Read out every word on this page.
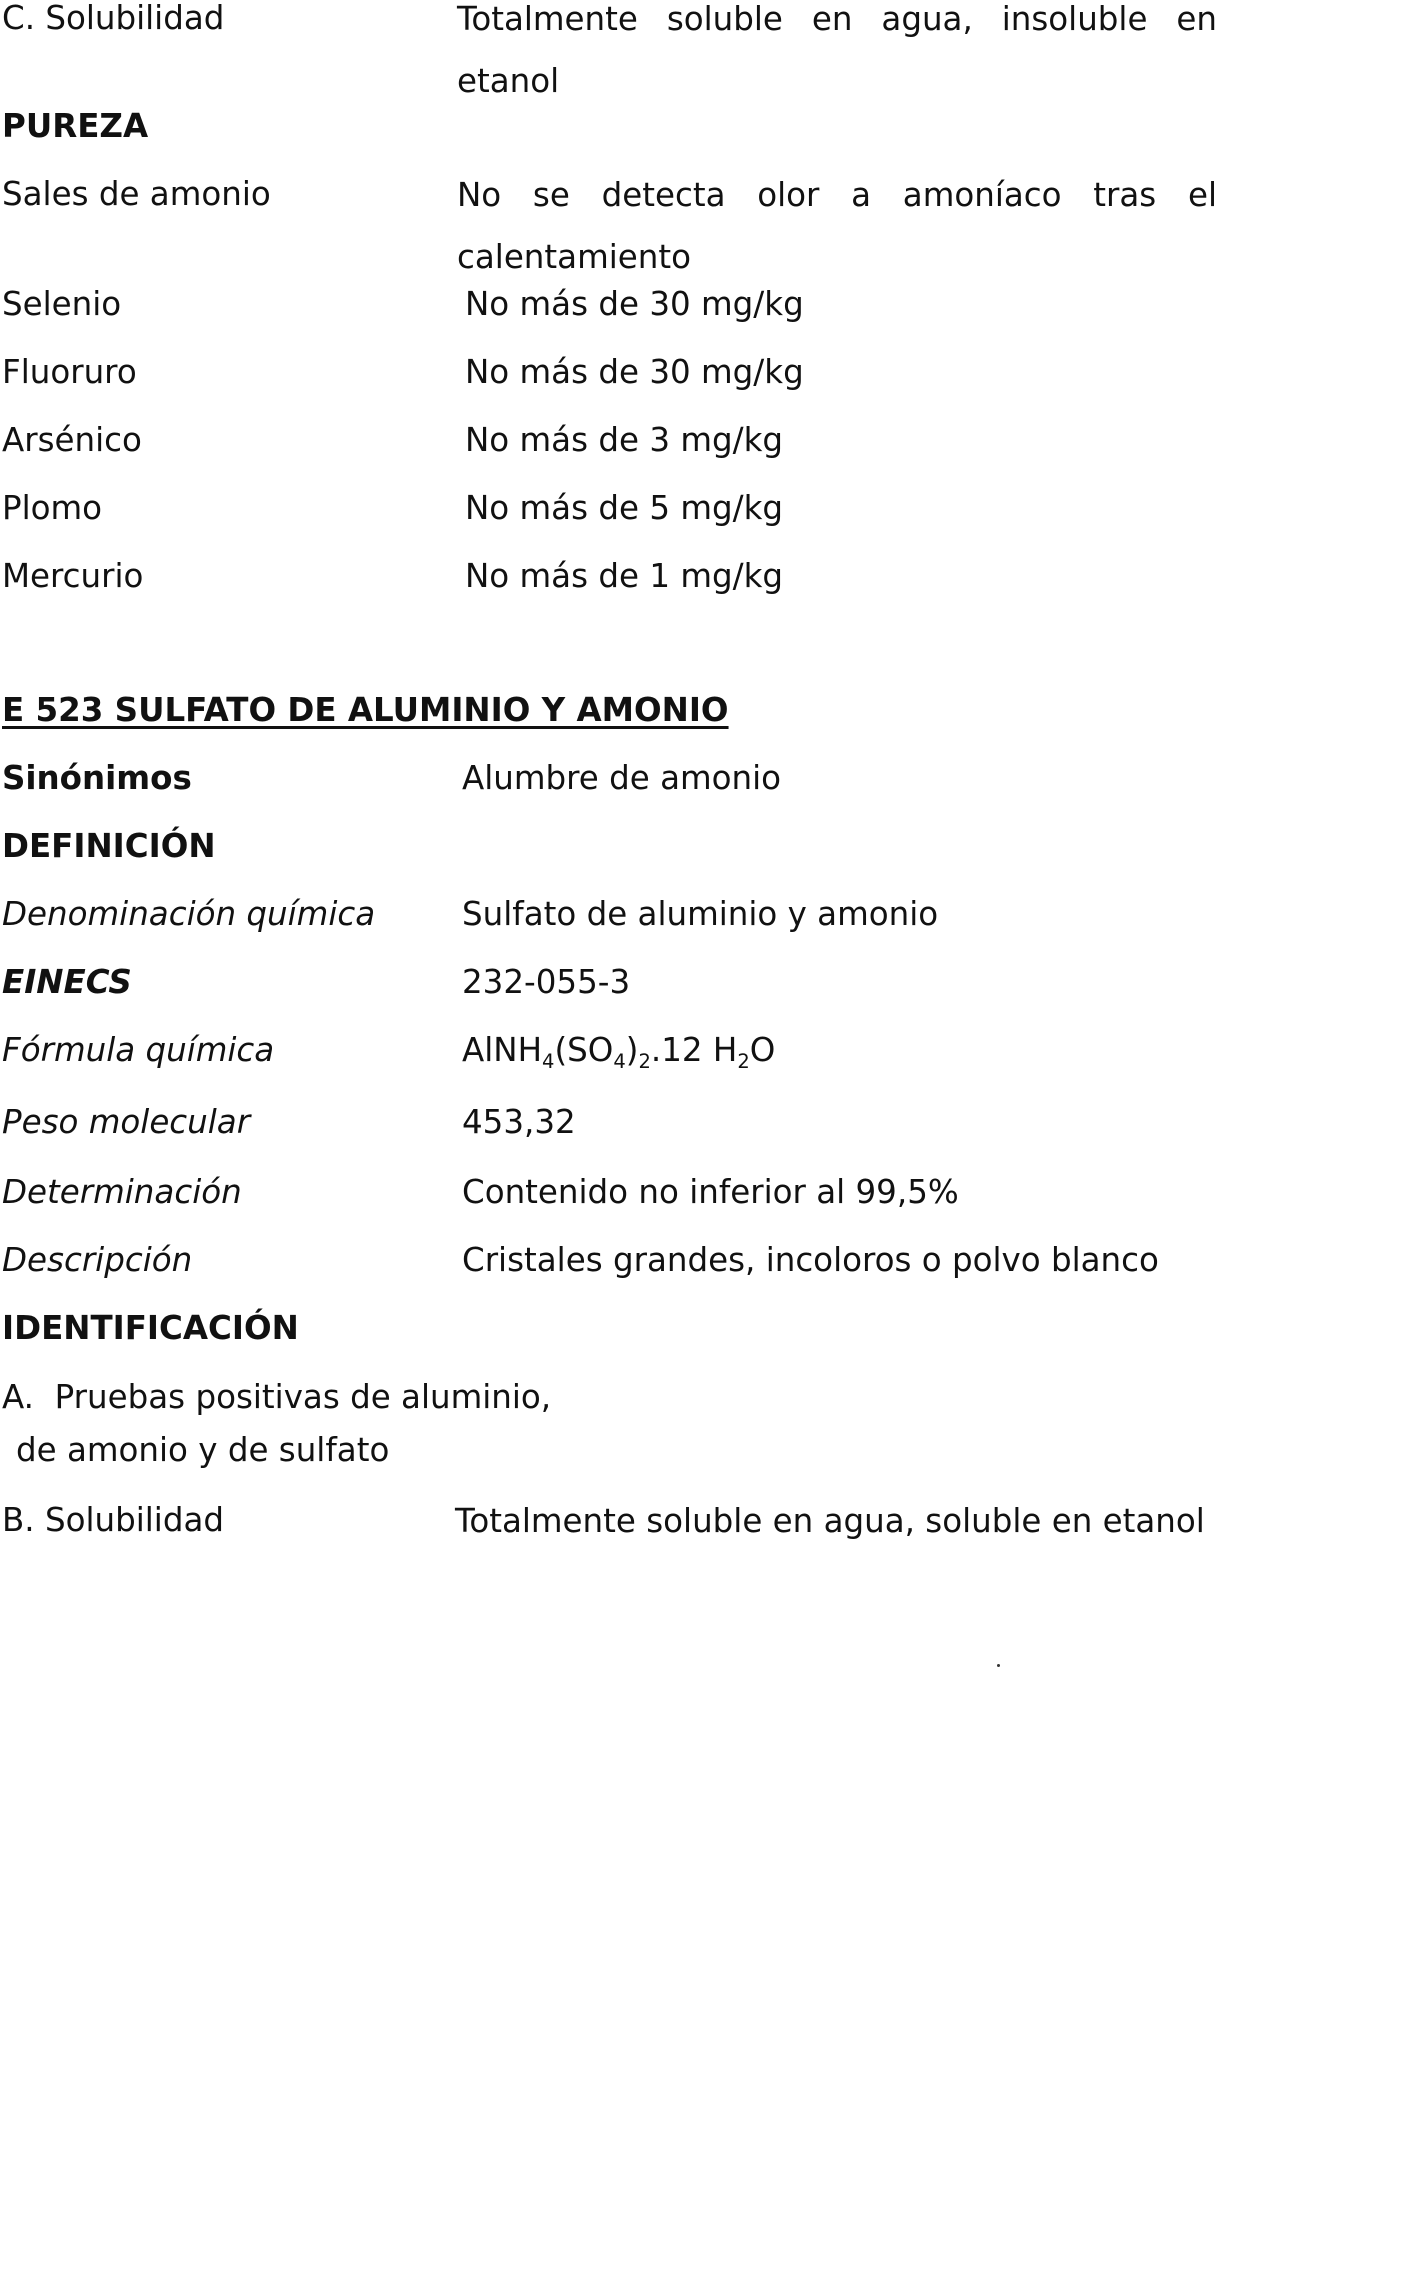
C. Solubilidad	Totalmente soluble en agua, insoluble en etanol
PUREZA
Sales de amonio	No se detecta olor a amoníaco tras el calentamiento
Selenio	No más de 30 mg/kg
Fluoruro	No más de 30 mg/kg
Arsénico	No más de 3 mg/kg
Plomo	No más de 5 mg/kg
Mercurio	No más de 1 mg/kg
E 523 SULFATO DE ALUMINIO Y AMONIO
Sinónimos	Alumbre de amonio
DEFINICIÓN
Denominación química	Sulfato de aluminio y amonio
EINECS	232-055-3
Fórmula química	$AlNH_4(SO_4)_2.12$ $H_2O$
Peso molecular	453,32
Determinación	Contenido no inferior al 99,5%
Descripción	Cristales grandes, incoloros o polvo blanco
IDENTIFICACIÓN
A.  Pruebas positivas de aluminio,
de amonio y de sulfato
B. Solubilidad	Totalmente soluble en agua, soluble en etanol
